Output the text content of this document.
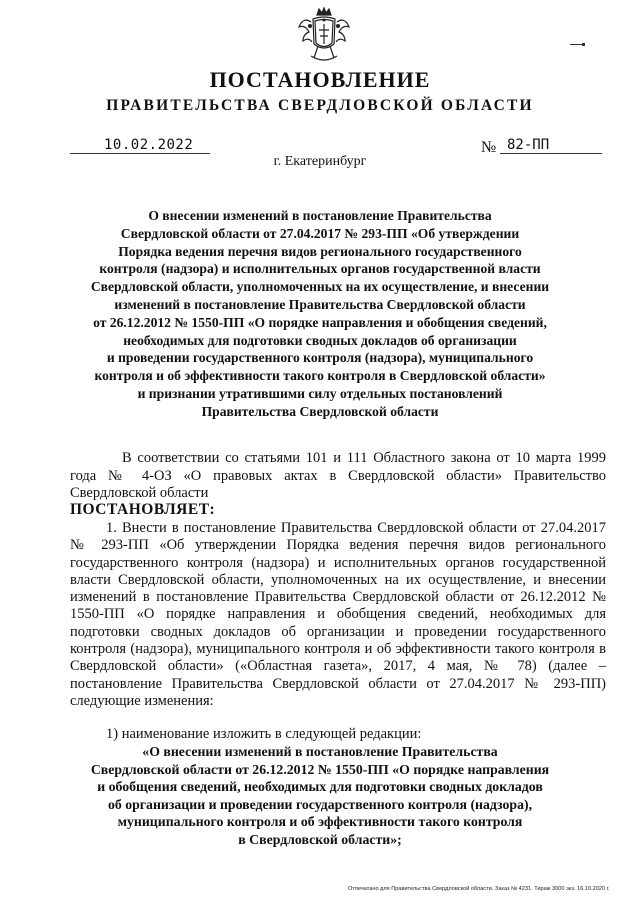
ПОСТАНОВЛЕНИЕ
ПРАВИТЕЛЬСТВА СВЕРДЛОВСКОЙ ОБЛАСТИ
10.02.2022	№ 82-ПП
г. Екатеринбург
О внесении изменений в постановление Правительства
Свердловской области от 27.04.2017 № 293-ПП «Об утверждении
Порядка ведения перечня видов регионального государственного
контроля (надзора) и исполнительных органов государственной власти
Свердловской области, уполномоченных на их осуществление, и внесении
изменений в постановление Правительства Свердловской области
от 26.12.2012 № 1550-ПП «О порядке направления и обобщения сведений,
необходимых для подготовки сводных докладов об организации
и проведении государственного контроля (надзора), муниципального
контроля и об эффективности такого контроля в Свердловской области»
и признании утратившими силу отдельных постановлений
Правительства Свердловской области
В соответствии со статьями 101 и 111 Областного закона от 10 марта 1999 года № 4-ОЗ «О правовых актах в Свердловской области» Правительство Свердловской области
ПОСТАНОВЛЯЕТ:
1. Внести в постановление Правительства Свердловской области от 27.04.2017 № 293-ПП «Об утверждении Порядка ведения перечня видов регионального государственного контроля (надзора) и исполнительных органов государственной власти Свердловской области, уполномоченных на их осуществление, и внесении изменений в постановление Правительства Свердловской области от 26.12.2012 № 1550-ПП «О порядке направления и обобщения сведений, необходимых для подготовки сводных докладов об организации и проведении государственного контроля (надзора), муниципального контроля и об эффективности такого контроля в Свердловской области» («Областная газета», 2017, 4 мая, № 78) (далее – постановление Правительства Свердловской области от 27.04.2017 № 293-ПП) следующие изменения:
1) наименование изложить в следующей редакции:
«О внесении изменений в постановление Правительства
Свердловской области от 26.12.2012 № 1550-ПП «О порядке направления
и обобщения сведений, необходимых для подготовки сводных докладов
об организации и проведении государственного контроля (надзора),
муниципального контроля и об эффективности такого контроля
в Свердловской области»;
Отпечатано для Правительства Свердловской области. Заказ № 4231. Тираж 3000 экз. 16.10.2020 г.
